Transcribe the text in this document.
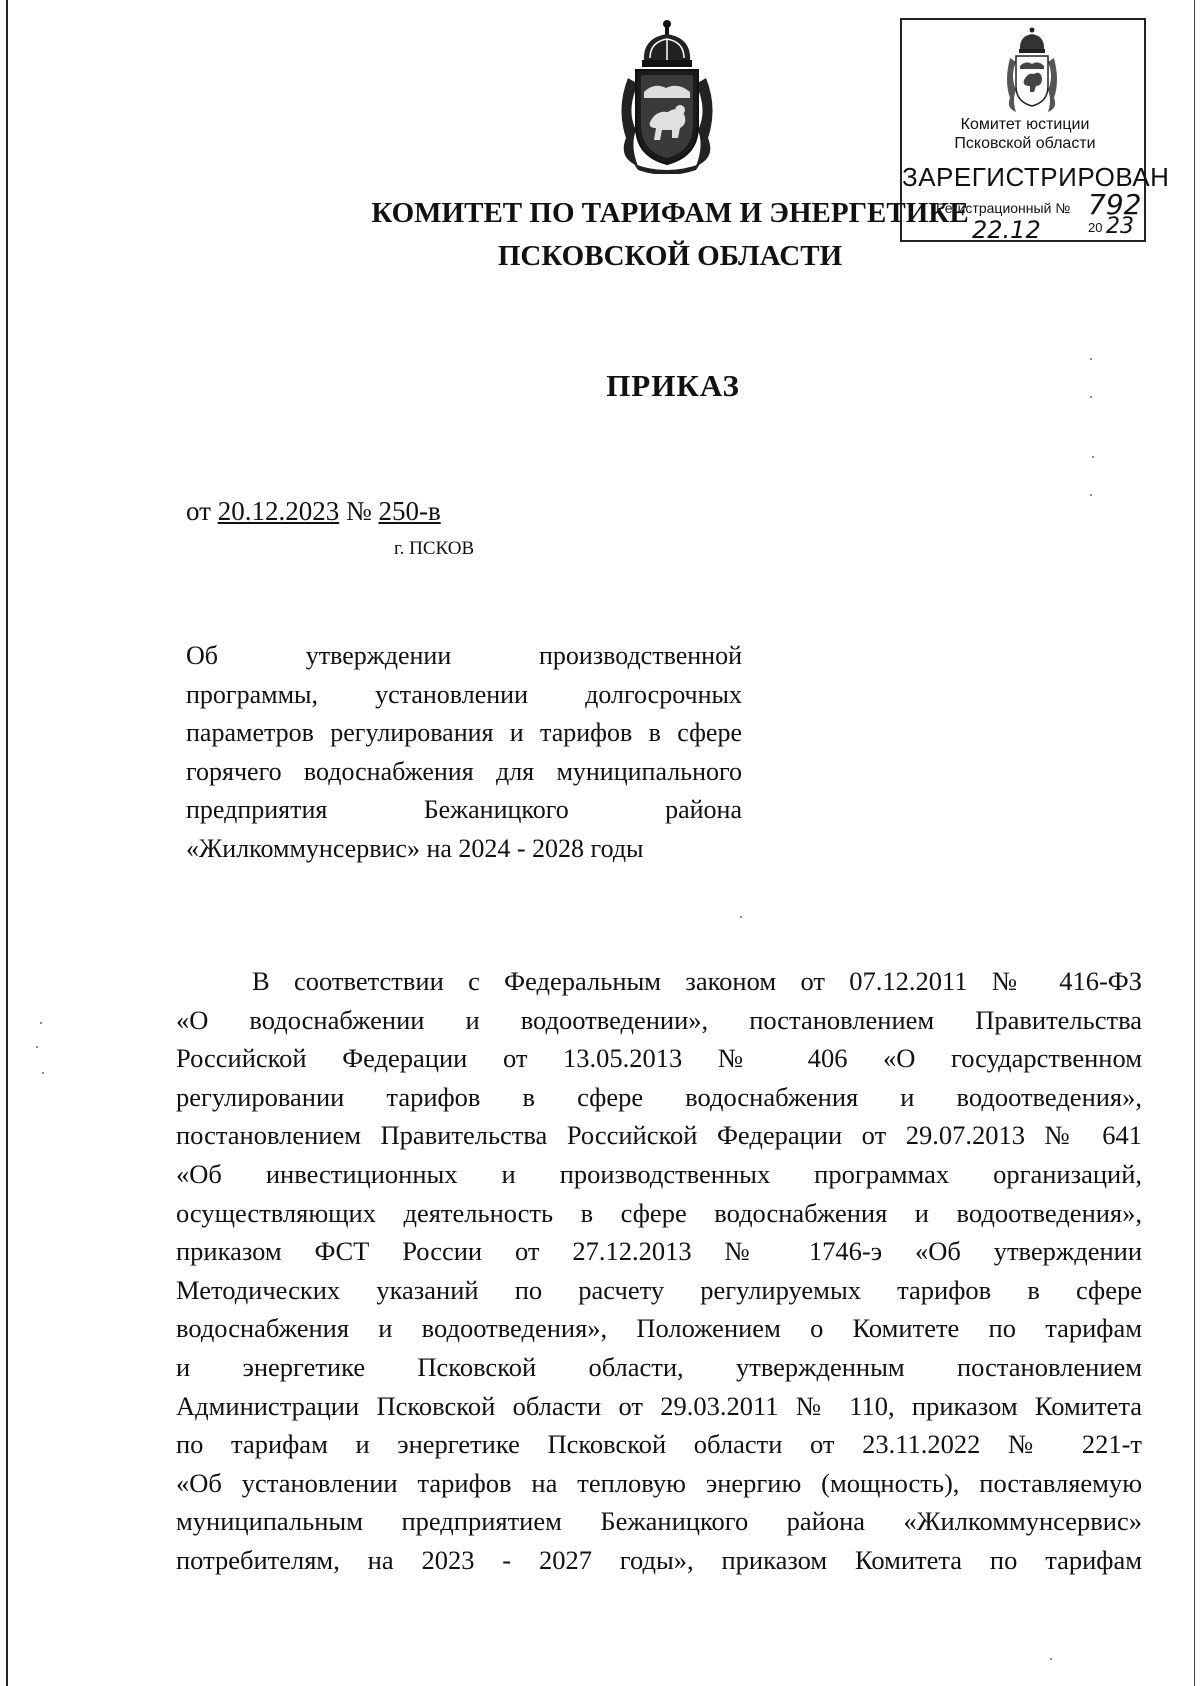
Комитет юстиции
Псковской области
ЗАРЕГИСТРИРОВАН
Регистрационный № 792
22.12	20 23
КОМИТЕТ ПО ТАРИФАМ И ЭНЕРГЕТИКЕ
ПСКОВСКОЙ ОБЛАСТИ
ПРИКАЗ
от 20.12.2023 № 250-в
г. ПСКОВ
Об утверждении производственной
программы, установлении долгосрочных
параметров регулирования и тарифов в сфере
горячего водоснабжения для муниципального
предприятия Бежаницкого района
«Жилкоммунсервис» на 2024 - 2028 годы
В соответствии с Федеральным законом от 07.12.2011 № 416-ФЗ
«О водоснабжении и водоотведении», постановлением Правительства
Российской Федерации от 13.05.2013 № 406 «О государственном
регулировании тарифов в сфере водоснабжения и водоотведения»,
постановлением Правительства Российской Федерации от 29.07.2013 № 641
«Об инвестиционных и производственных программах организаций,
осуществляющих деятельность в сфере водоснабжения и водоотведения»,
приказом ФСТ России от 27.12.2013 № 1746-э «Об утверждении
Методических указаний по расчету регулируемых тарифов в сфере
водоснабжения и водоотведения», Положением о Комитете по тарифам
и энергетике Псковской области, утвержденным постановлением
Администрации Псковской области от 29.03.2011 № 110, приказом Комитета
по тарифам и энергетике Псковской области от 23.11.2022 № 221-т
«Об установлении тарифов на тепловую энергию (мощность), поставляемую
муниципальным предприятием Бежаницкого района «Жилкоммунсервис»
потребителям, на 2023 - 2027 годы», приказом Комитета по тарифам
